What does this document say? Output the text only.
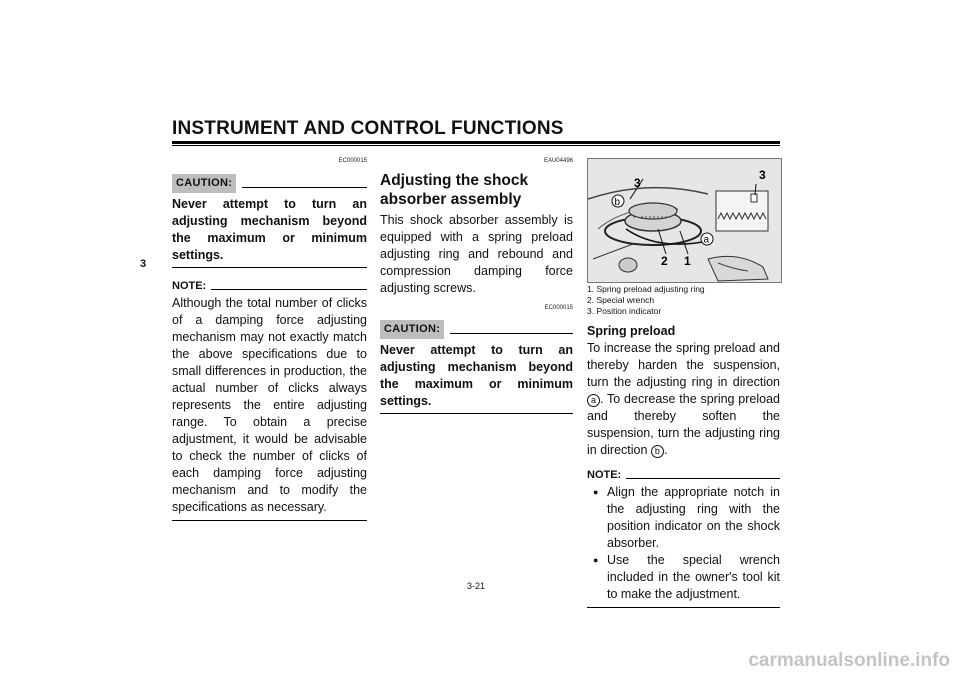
INSTRUMENT AND CONTROL FUNCTIONS
3
EC000015
CAUTION:
Never attempt to turn an adjusting mechanism beyond the maximum or minimum settings.
NOTE:
Although the total number of clicks of a damping force adjusting mechanism may not exactly match the above specifications due to small differences in production, the actual number of clicks always represents the entire adjusting range. To obtain a precise adjustment, it would be advisable to check the number of clicks of each damping force adjusting mechanism and to modify the specifications as necessary.
EAU04496
Adjusting the shock absorber assembly
This shock absorber assembly is equipped with a spring preload adjusting ring and rebound and compression damping force adjusting screws.
EC000015
CAUTION:
Never attempt to turn an adjusting mechanism beyond the maximum or minimum settings.
3
3
2 1
b
a
1. Spring preload adjusting ring
2. Special wrench
3. Position indicator
Spring preload
To increase the spring preload and thereby harden the suspension, turn the adjusting ring in direction a . To decrease the spring preload and thereby soften the suspension, turn the adjusting ring in direction b .
NOTE:
● Align the appropriate notch in the adjusting ring with the position indicator on the shock absorber.
● Use the special wrench included in the owner's tool kit to make the adjustment.
3-21
carmanualsonline.info
